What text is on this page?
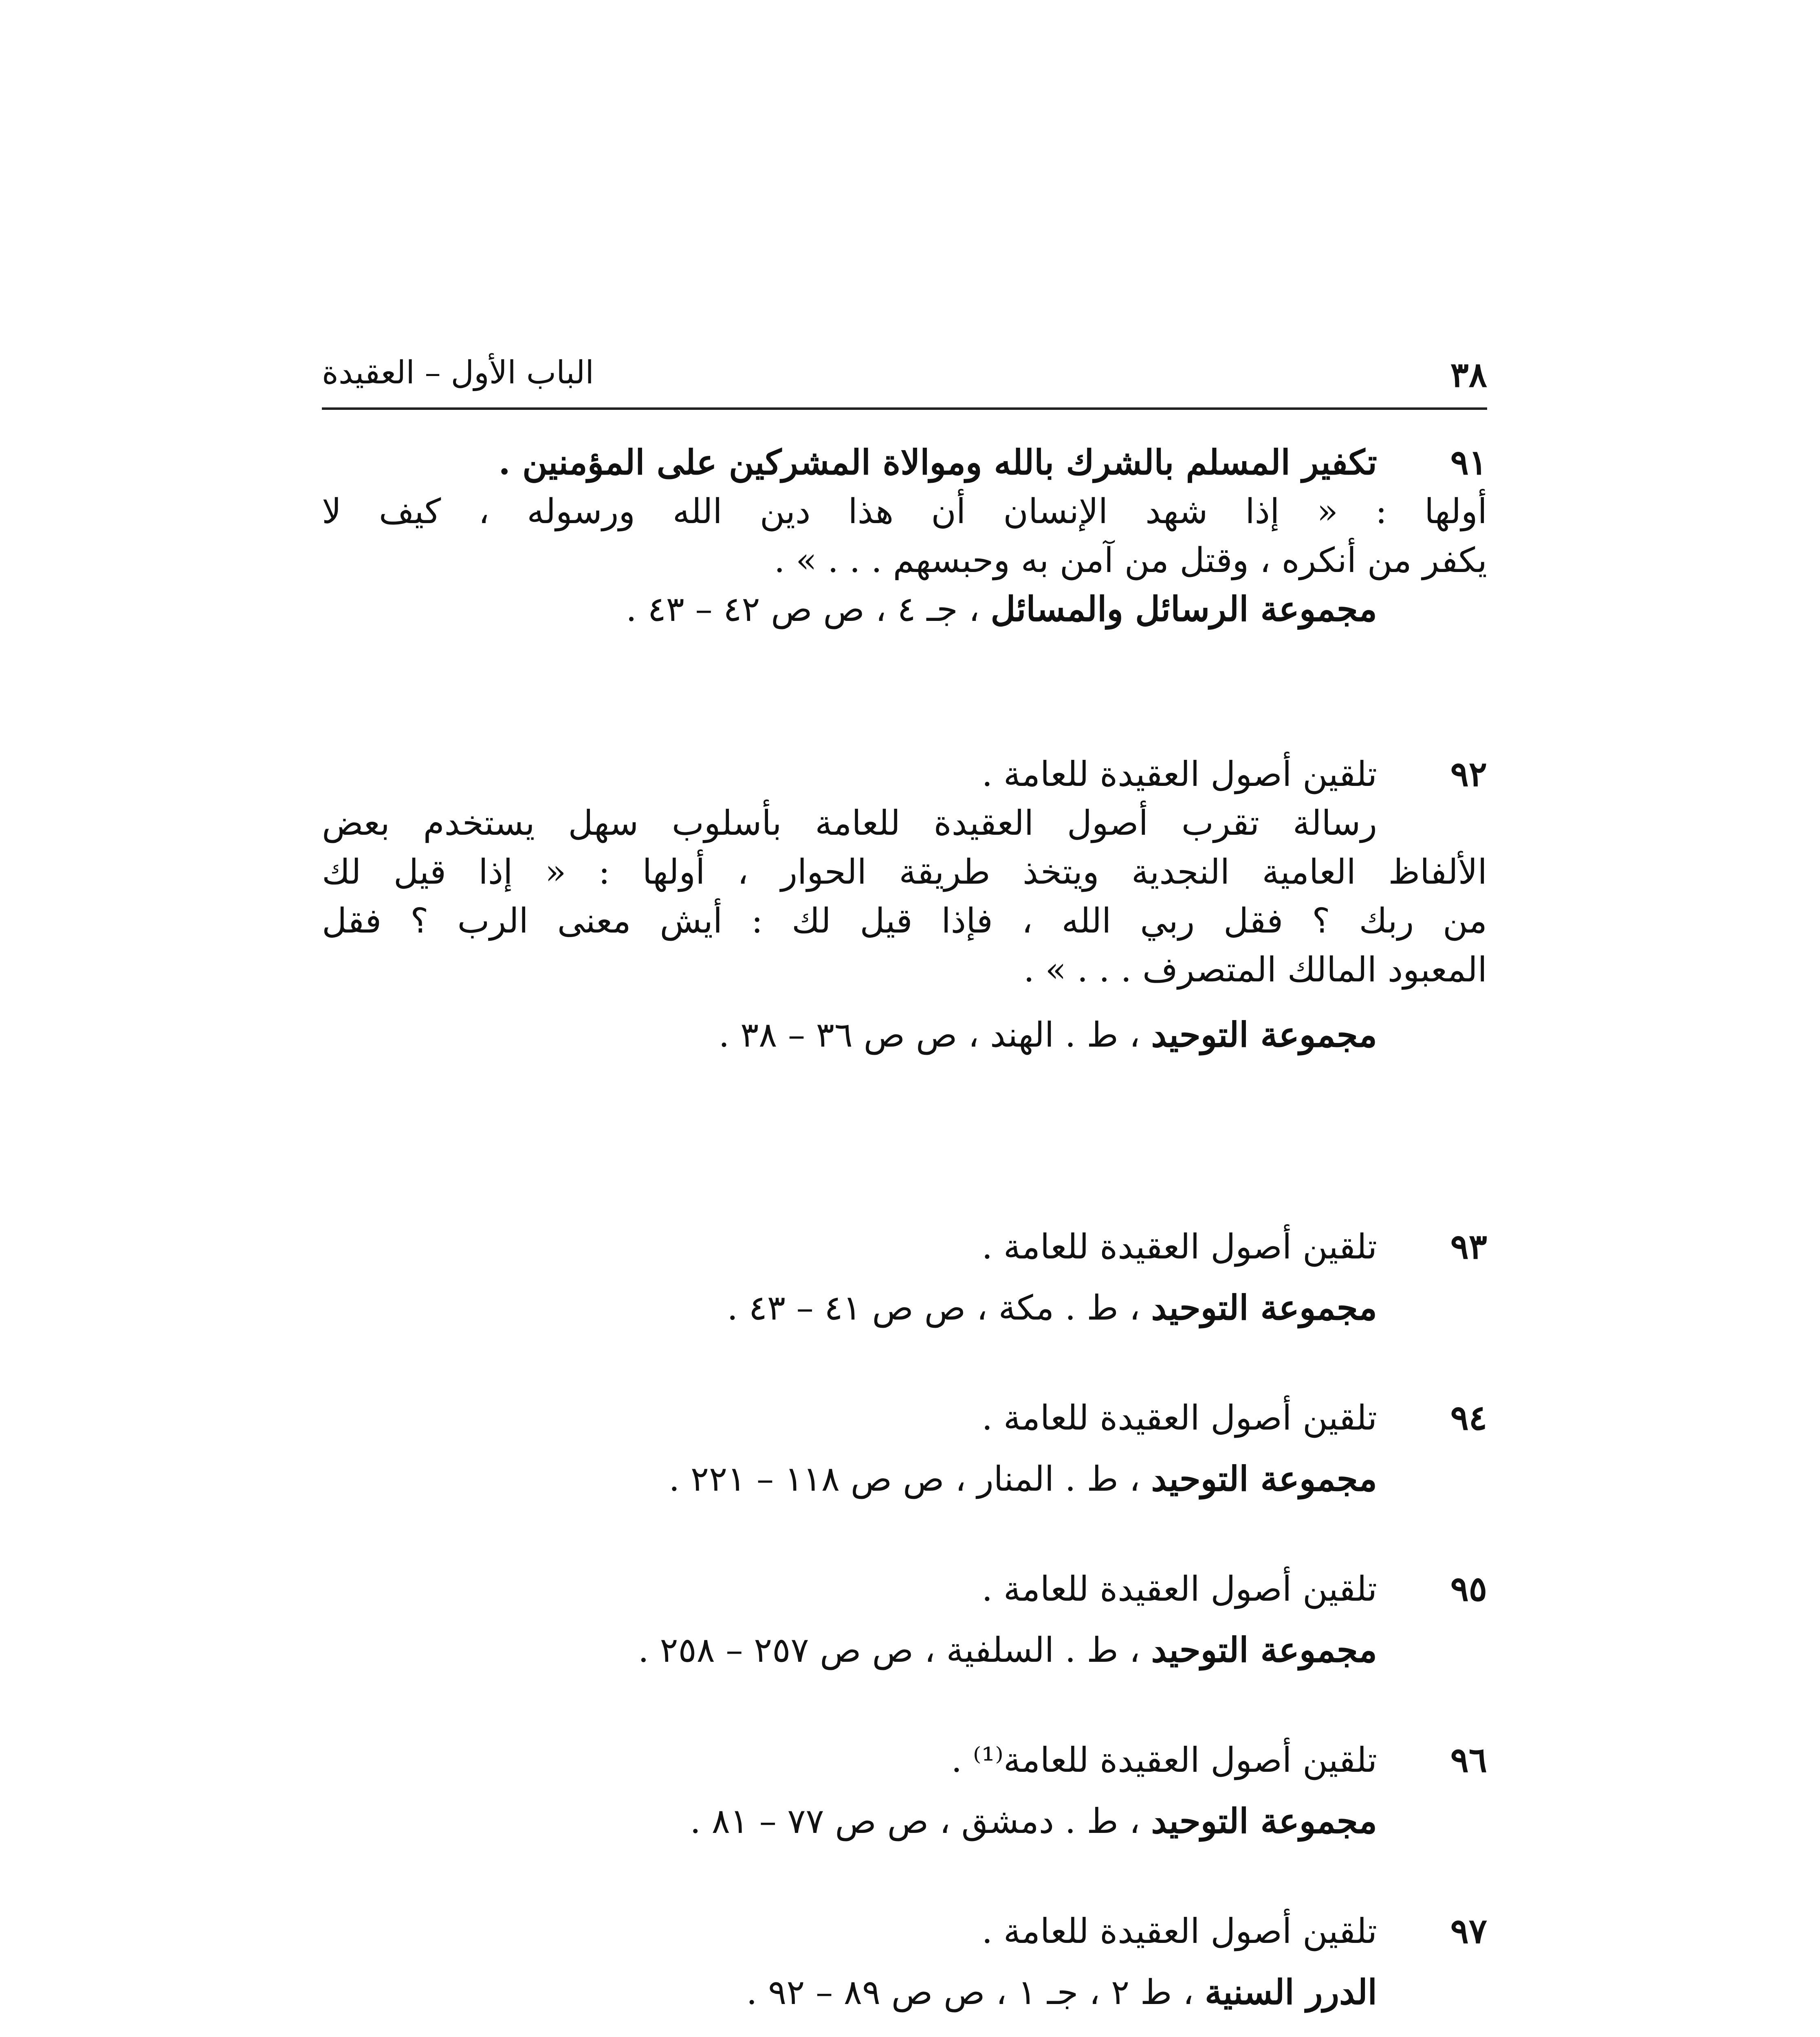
٣٨
الباب الأول – العقيدة
٩١
تكفير المسلم بالشرك بالله وموالاة المشركين على المؤمنين .
أولها : « إذا شهد الإنسان أن هذا دين الله ورسوله ، كيف لا
يكفر من أنكره ، وقتل من آمن به وحبسهم . . . » .
مجموعة الرسائل والمسائل ، جـ ٤ ، ص ص ٤٢ – ٤٣ .
٩٢
تلقين أصول العقيدة للعامة .
رسالة تقرب أصول العقيدة للعامة بأسلوب سهل يستخدم بعض
الألفاظ العامية النجدية ويتخذ طريقة الحوار ، أولها : « إذا قيل لك
من ربك ؟ فقل ربي الله ، فإذا قيل لك : أيش معنى الرب ؟ فقل
المعبود المالك المتصرف . . . » .
مجموعة التوحيد ، ط . الهند ، ص ص ٣٦ – ٣٨ .
٩٣
تلقين أصول العقيدة للعامة .
مجموعة التوحيد ، ط . مكة ، ص ص ٤١ – ٤٣ .
٩٤
تلقين أصول العقيدة للعامة .
مجموعة التوحيد ، ط . المنار ، ص ص ١١٨ – ٢٢١ .
٩٥
تلقين أصول العقيدة للعامة .
مجموعة التوحيد ، ط . السلفية ، ص ص ٢٥٧ – ٢٥٨ .
٩٦
تلقين أصول العقيدة للعامة⁽¹⁾ .
مجموعة التوحيد ، ط . دمشق ، ص ص ٧٧ – ٨١ .
٩٧
تلقين أصول العقيدة للعامة .
الدرر السنية ، ط ٢ ، جـ ١ ، ص ص ٨٩ – ٩٢ .
